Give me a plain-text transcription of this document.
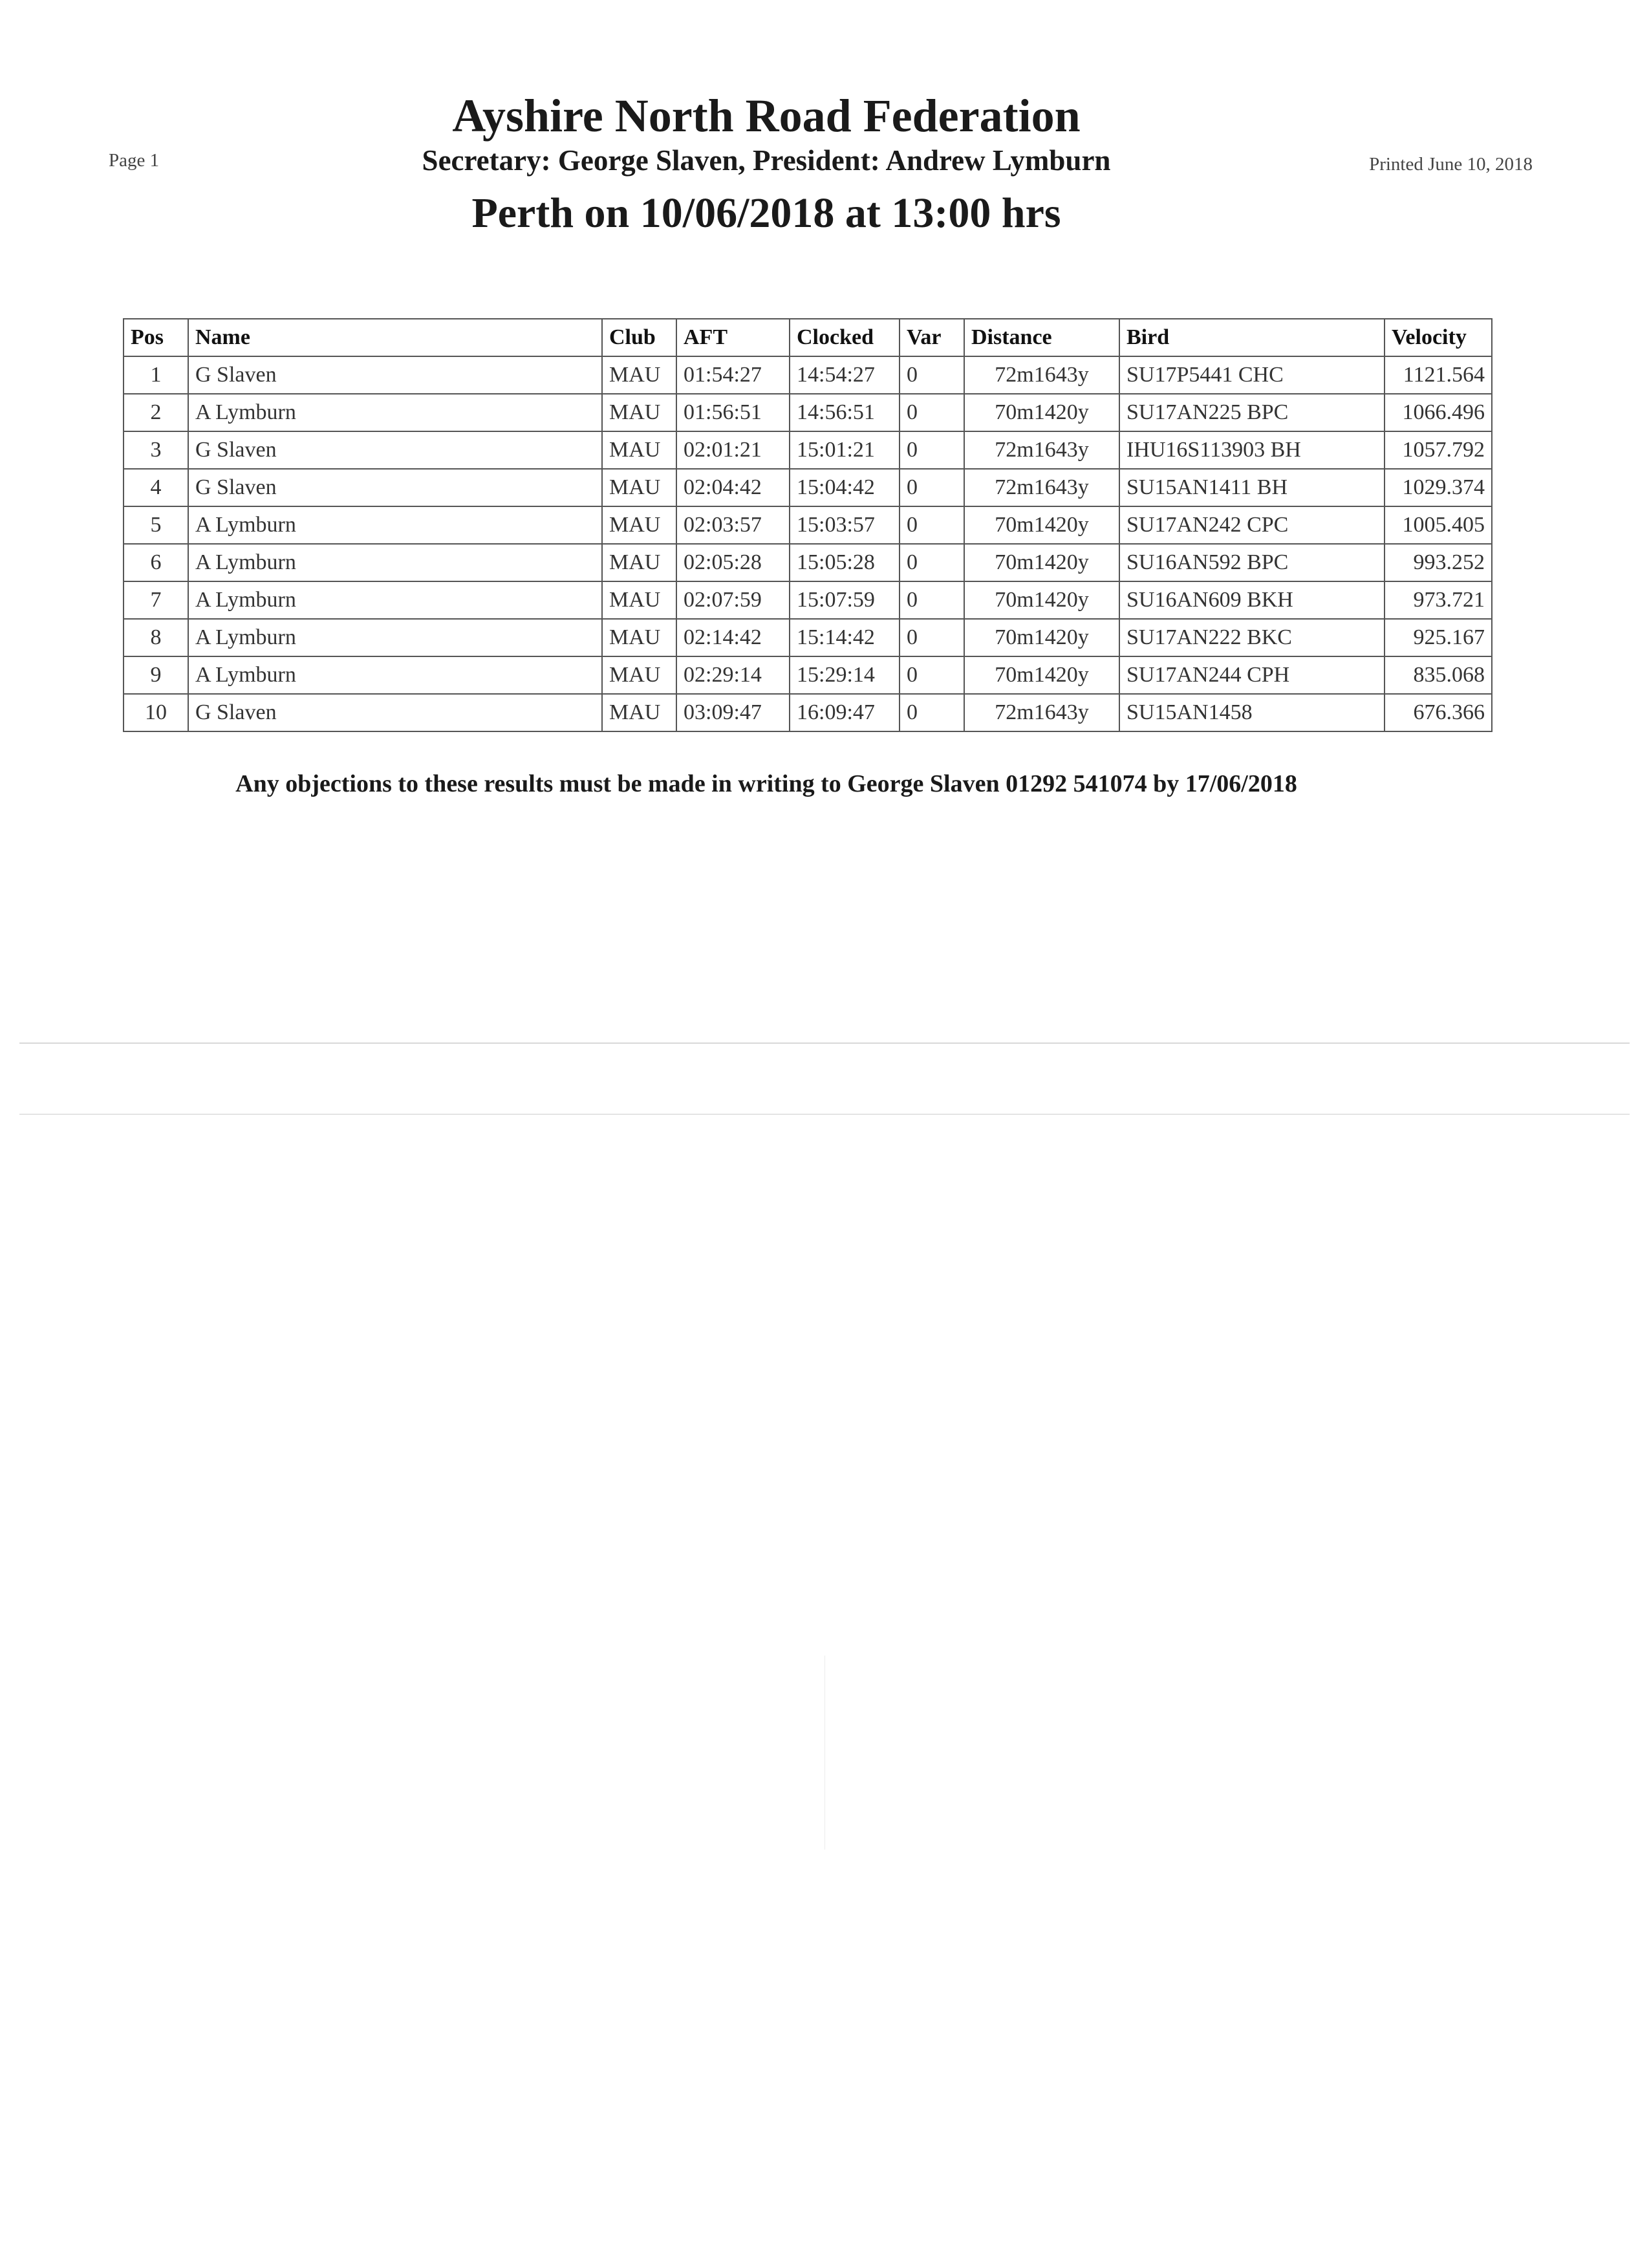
Page 1	Printed June 10, 2018
Ayshire North Road Federation
Secretary: George Slaven, President: Andrew Lymburn
Perth on 10/06/2018 at 13:00 hrs
Pos	Name	Club	AFT	Clocked	Var	Distance	Bird	Velocity
1	G Slaven	MAU	01:54:27	14:54:27	0	72m1643y	SU17P5441 CHC	1121.564
2	A Lymburn	MAU	01:56:51	14:56:51	0	70m1420y	SU17AN225 BPC	1066.496
3	G Slaven	MAU	02:01:21	15:01:21	0	72m1643y	IHU16S113903 BH	1057.792
4	G Slaven	MAU	02:04:42	15:04:42	0	72m1643y	SU15AN1411 BH	1029.374
5	A Lymburn	MAU	02:03:57	15:03:57	0	70m1420y	SU17AN242 CPC	1005.405
6	A Lymburn	MAU	02:05:28	15:05:28	0	70m1420y	SU16AN592 BPC	993.252
7	A Lymburn	MAU	02:07:59	15:07:59	0	70m1420y	SU16AN609 BKH	973.721
8	A Lymburn	MAU	02:14:42	15:14:42	0	70m1420y	SU17AN222 BKC	925.167
9	A Lymburn	MAU	02:29:14	15:29:14	0	70m1420y	SU17AN244 CPH	835.068
10	G Slaven	MAU	03:09:47	16:09:47	0	72m1643y	SU15AN1458	676.366
Any objections to these results must be made in writing to George Slaven 01292 541074 by 17/06/2018
